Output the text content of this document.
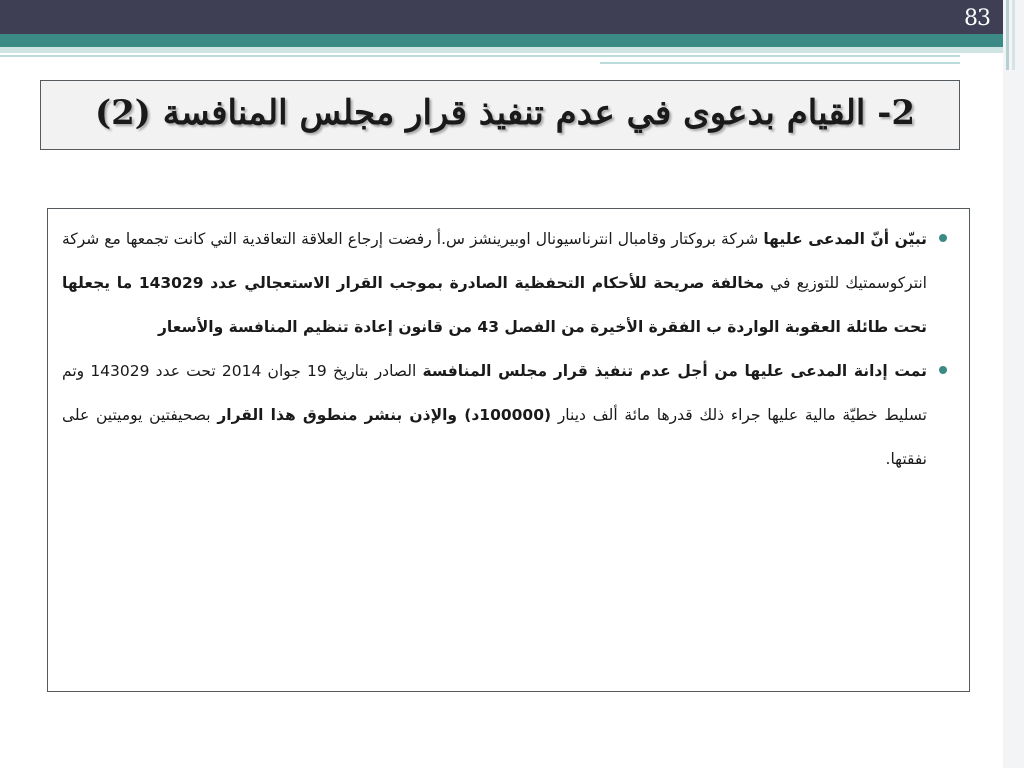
83
2- القيام بدعوى في عدم تنفيذ قرار مجلس المنافسة (2)
تبيّن أنّ المدعى عليها شركة بروكتار وقامبال انترناسيونال اوبيرينشز س.أ رفضت إرجاع العلاقة التعاقدية التي كانت تجمعها مع شركة انتركوسمتيك للتوزيع في مخالفة صريحة للأحكام التحفظية الصادرة بموجب القرار الاستعجالي عدد 143029 ما يجعلها تحت طائلة العقوبة الواردة ب الفقرة الأخيرة من الفصل 43 من قانون إعادة تنظيم المنافسة والأسعار
تمت إدانة المدعى عليها من أجل عدم تنفيذ قرار مجلس المنافسة الصادر بتاريخ 19 جوان 2014 تحت عدد 143029 وتم تسليط خطيّة مالية عليها جراء ذلك قدرها مائة ألف دينار (100000د) والإذن بنشر منطوق هذا القرار بصحيفتين يوميتين على نفقتها.
